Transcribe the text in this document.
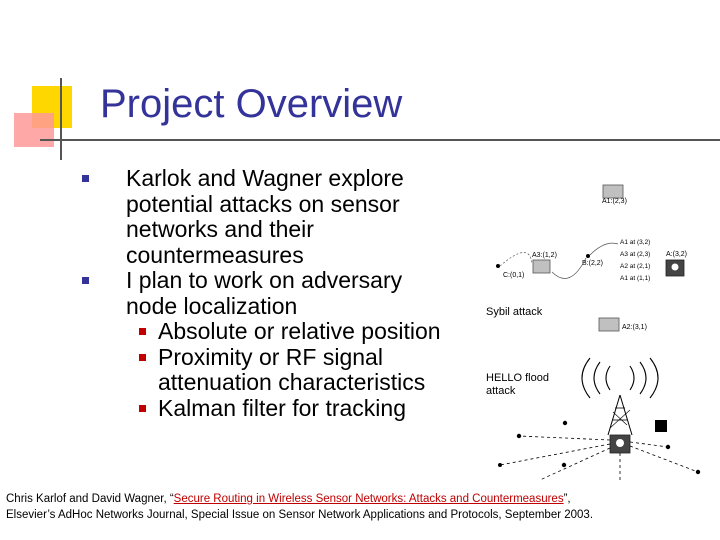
Project Overview
Karlok and Wagner explore
potential attacks on sensor
networks and their
countermeasures
I plan to work on adversary
node localization
Absolute or relative position
Proximity or RF signal
attenuation characteristics
Kalman filter for tracking
A1:(2,3)
A3:(1,2)
C:(0,1)
B:(2,2)
A1 at (3,2)
A3 at (2,3)
A2 at (2,1)
A1 at (1,1)
A:(3,2)
Sybil attack
A2:(3,1)
HELLO flood
attack
Chris Karlof and David Wagner, “Secure Routing in Wireless Sensor Networks: Attacks and Countermeasures”,
Elsevier’s AdHoc Networks Journal, Special Issue on Sensor Network Applications and Protocols, September 2003.
